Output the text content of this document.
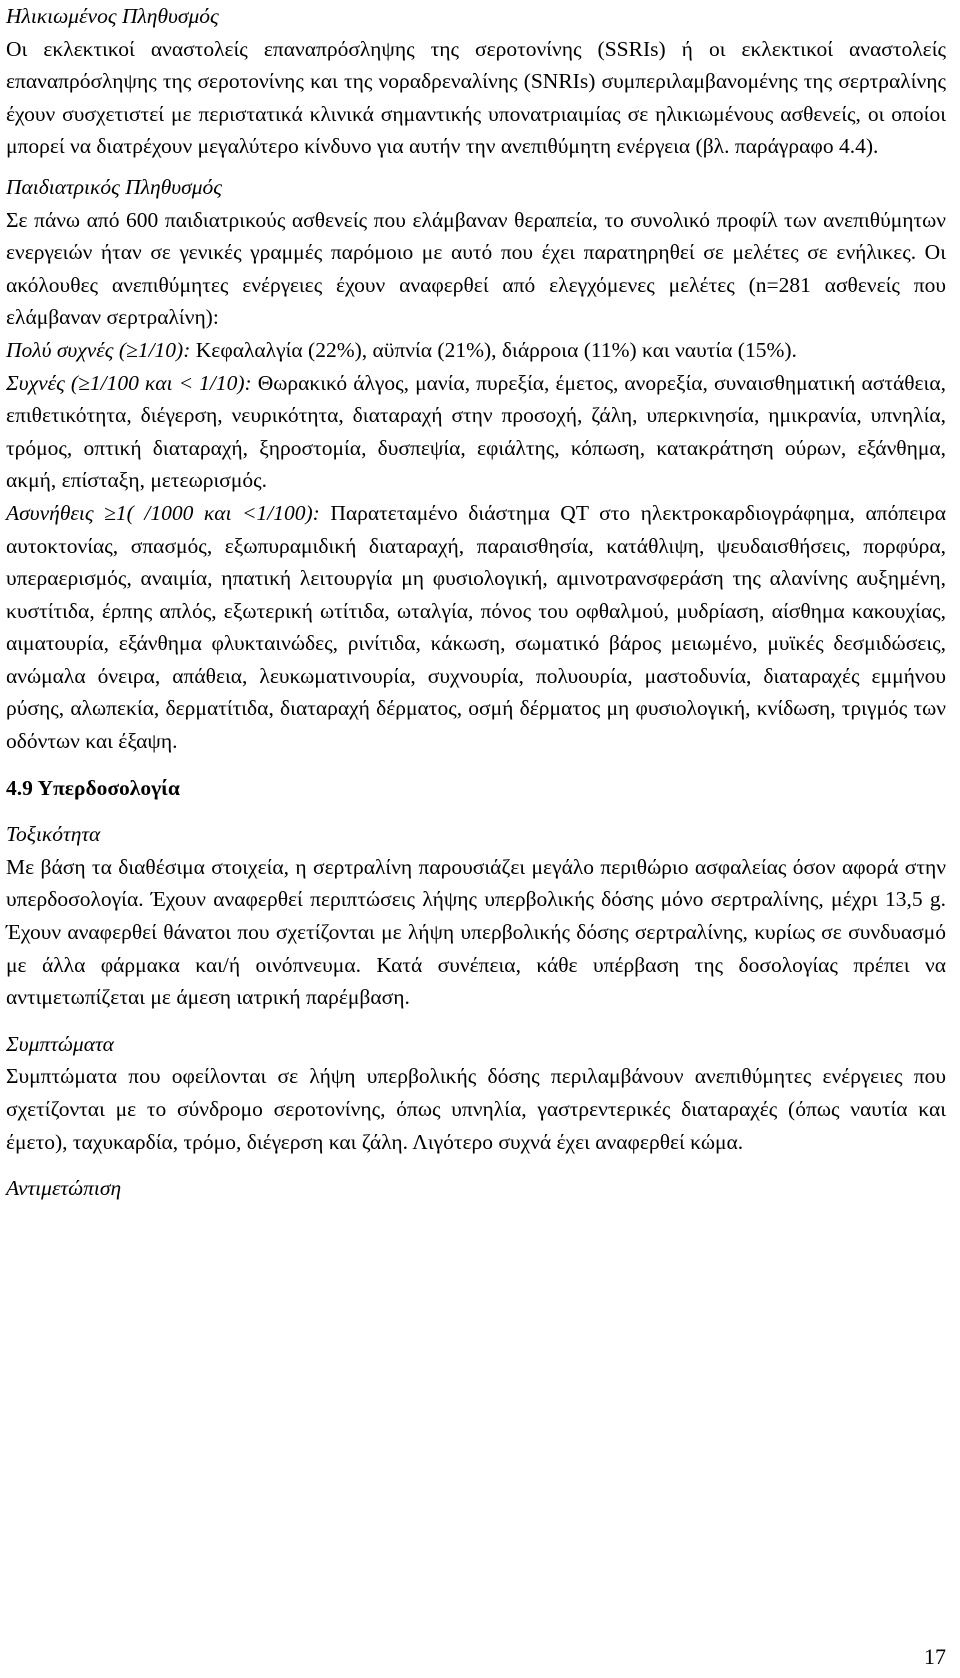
Ηλικιωμένος Πληθυσμός

Οι εκλεκτικοί αναστολείς επαναπρόσληψης της σεροτονίνης (SSRIs) ή οι εκλεκτικοί αναστολείς επαναπρόσληψης της σεροτονίνης και της νοραδρεναλίνης (SNRIs) συμπεριλαμβανομένης της σερτραλίνης έχουν συσχετιστεί με περιστατικά κλινικά σημαντικής υπονατριαιμίας σε ηλικιωμένους ασθενείς, οι οποίοι μπορεί να διατρέχουν μεγαλύτερο κίνδυνο για αυτήν την ανεπιθύμητη ενέργεια (βλ. παράγραφο 4.4).

Παιδιατρικός Πληθυσμός

Σε πάνω από 600 παιδιατρικούς ασθενείς που ελάμβαναν θεραπεία, το συνολικό προφίλ των ανεπιθύμητων ενεργειών ήταν σε γενικές γραμμές παρόμοιο με αυτό που έχει παρατηρηθεί σε μελέτες σε ενήλικες. Οι ακόλουθες ανεπιθύμητες ενέργειες έχουν αναφερθεί από ελεγχόμενες μελέτες (n=281 ασθενείς που ελάμβαναν σερτραλίνη):

Πολύ συχνές (≥1/10): Κεφαλαλγία (22%), αϋπνία (21%), διάρροια (11%) και ναυτία (15%).

Συχνές (≥1/100 και < 1/10): Θωρακικό άλγος, μανία, πυρεξία, έμετος, ανορεξία, συναισθηματική αστάθεια, επιθετικότητα, διέγερση, νευρικότητα, διαταραχή στην προσοχή, ζάλη, υπερκινησία, ημικρανία, υπνηλία, τρόμος, οπτική διαταραχή, ξηροστομία, δυσπεψία, εφιάλτης, κόπωση, κατακράτηση ούρων, εξάνθημα, ακμή, επίσταξη, μετεωρισμός.

Ασυνήθεις ≥1( /1000 και <1/100): Παρατεταμένο διάστημα QT στο ηλεκτροκαρδιογράφημα, απόπειρα αυτοκτονίας, σπασμός, εξωπυραμιδική διαταραχή, παραισθησία, κατάθλιψη, ψευδαισθήσεις, πορφύρα, υπεραερισμός, αναιμία, ηπατική λειτουργία μη φυσιολογική, αμινοτρανσφεράση της αλανίνης αυξημένη, κυστίτιδα, έρπης απλός, εξωτερική ωτίτιδα, ωταλγία, πόνος του οφθαλμού, μυδρίαση, αίσθημα κακουχίας, αιματουρία, εξάνθημα φλυκταινώδες, ρινίτιδα, κάκωση, σωματικό βάρος μειωμένο, μυϊκές δεσμιδώσεις, ανώμαλα όνειρα, απάθεια, λευκωματινουρία, συχνουρία, πολυουρία, μαστοδυνία, διαταραχές εμμήνου ρύσης, αλωπεκία, δερματίτιδα, διαταραχή δέρματος, οσμή δέρματος μη φυσιολογική, κνίδωση, τριγμός των οδόντων και έξαψη.

4.9 Υπερδοσολογία

Τοξικότητα

Με βάση τα διαθέσιμα στοιχεία, η σερτραλίνη παρουσιάζει μεγάλο περιθώριο ασφαλείας όσον αφορά στην υπερδοσολογία. Έχουν αναφερθεί περιπτώσεις λήψης υπερβολικής δόσης μόνο σερτραλίνης, μέχρι 13,5 g. Έχουν αναφερθεί θάνατοι που σχετίζονται με λήψη υπερβολικής δόσης σερτραλίνης, κυρίως σε συνδυασμό με άλλα φάρμακα και/ή οινόπνευμα. Κατά συνέπεια, κάθε υπέρβαση της δοσολογίας πρέπει να αντιμετωπίζεται με άμεση ιατρική παρέμβαση.

Συμπτώματα

Συμπτώματα που οφείλονται σε λήψη υπερβολικής δόσης περιλαμβάνουν ανεπιθύμητες ενέργειες που σχετίζονται με το σύνδρομο σεροτονίνης, όπως υπνηλία, γαστρεντερικές διαταραχές (όπως ναυτία και έμετο), ταχυκαρδία, τρόμο, διέγερση και ζάλη. Λιγότερο συχνά έχει αναφερθεί κώμα.

Αντιμετώπιση

17
